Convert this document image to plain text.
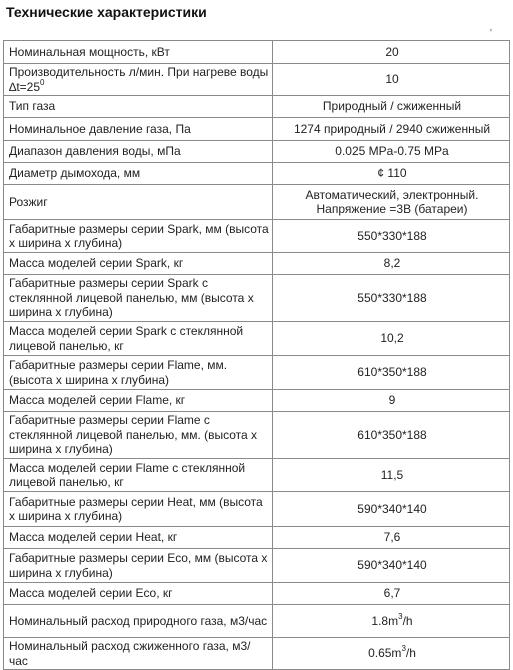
Технические характеристики
'
Номинальная мощность, кВт	20
Производительность л/мин. При нагреве воды $\Delta t=25^0$	10
Тип газа	Природный / сжиженный
Номинальное давление газа, Па	1274 природный / 2940 сжиженный
Диапазон давления воды, мПа	0.025 MPa-0.75 MPa
Диаметр дымохода, мм	¢ 110
Розжиг	Автоматический, электронный. Напряжение =3В (батареи)
Габаритные размеры серии Spark, мм (высота х ширина х глубина)	550*330*188
Масса моделей серии Spark, кг	8,2
Габаритные размеры серии Spark с стеклянной лицевой панелью, мм (высота х ширина х глубина)	550*330*188
Масса моделей серии Spark с стеклянной лицевой панелью, кг	10,2
Габаритные размеры серии Flame, мм. (высота х ширина х глубина)	610*350*188
Масса моделей серии Flame, кг	9
Габаритные размеры серии Flame с стеклянной лицевой панелью, мм. (высота х ширина х глубина)	610*350*188
Масса моделей серии Flame с стеклянной лицевой панелью, кг	11,5
Габаритные размеры серии Heat, мм (высота х ширина х глубина)	590*340*140
Масса моделей серии Heat, кг	7,6
Габаритные размеры серии Eco, мм (высота х ширина х глубина)	590*340*140
Масса моделей серии Eco, кг	6,7
Номинальный расход природного газа, м3/час	$1.8m^3/h$
Номинальный расход сжиженного газа, м3/час	$0.65m^3/h$
